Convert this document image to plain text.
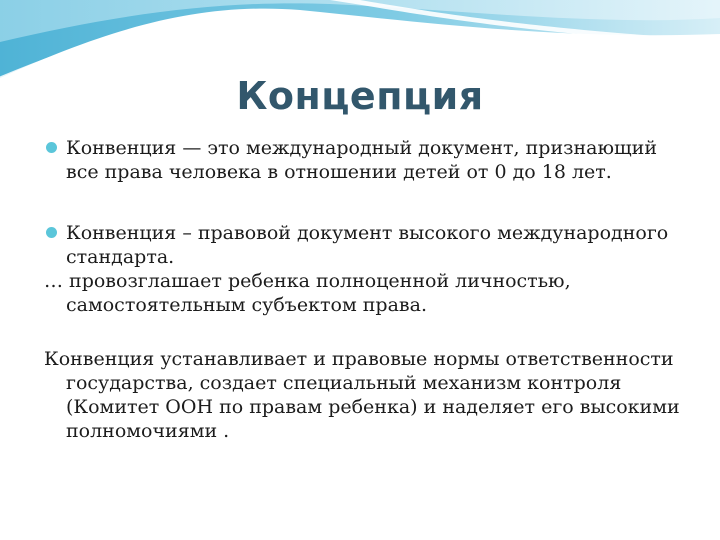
Концепция

Конвенция — это международный документ, признающий все права человека в отношении детей от 0 до 18 лет.

Конвенция – правовой документ высокого международного стандарта.

… провозглашает ребенка полноценной личностью, самостоятельным субъектом права.

Конвенция устанавливает и правовые нормы ответственности государства, создает специальный механизм контроля (Комитет ООН по правам ребенка) и наделяет его высокими полномочиями .
